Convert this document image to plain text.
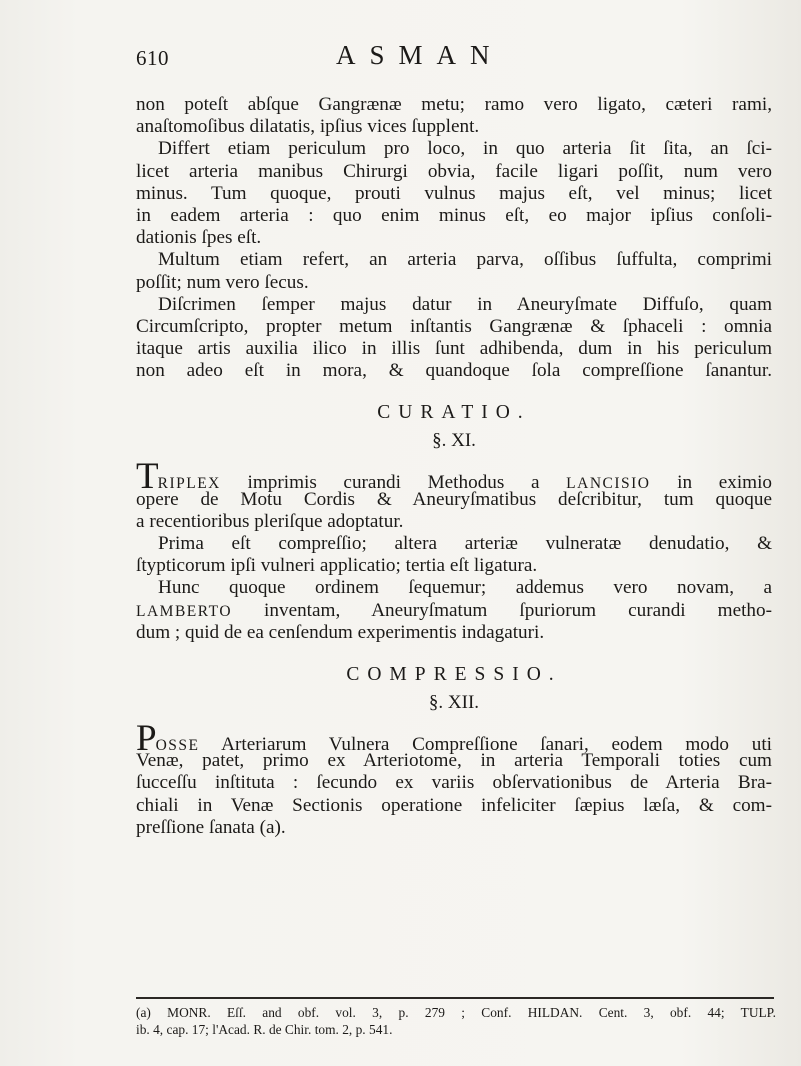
610	ASMAN
non poteſt abſque Gangrænæ metu; ramo vero ligato, cæteri rami,
anaſtomoſibus dilatatis, ipſius vices ſupplent.
Differt etiam periculum pro loco, in quo arteria ſit ſita, an ſci-
licet arteria manibus Chirurgi obvia, facile ligari poſſit, num vero
minus. Tum quoque, prouti vulnus majus eſt, vel minus; licet
in eadem arteria : quo enim minus eſt, eo major ipſius conſoli-
dationis ſpes eſt.
Multum etiam refert, an arteria parva, oſſibus ſuffulta, comprimi
poſſit; num vero ſecus.
Diſcrimen ſemper majus datur in Aneuryſmate Diffuſo, quam
Circumſcripto, propter metum inſtantis Gangrænæ & ſphaceli : omnia
itaque artis auxilia ilico in illis ſunt adhibenda, dum in his periculum
non adeo eſt in mora, & quandoque ſola compreſſione ſanantur.
CURATIO.
§. XI.
TRIPLEX imprimis curandi Methodus a LANCISIO in eximio
opere de Motu Cordis & Aneuryſmatibus deſcribitur, tum quoque
a recentioribus pleriſque adoptatur.
Prima eſt compreſſio; altera arteriæ vulneratæ denudatio, &
ſtypticorum ipſi vulneri applicatio; tertia eſt ligatura.
Hunc quoque ordinem ſequemur; addemus vero novam, a
LAMBERTO inventam, Aneuryſmatum ſpuriorum curandi metho-
dum ; quid de ea cenſendum experimentis indagaturi.
COMPRESSIO.
§. XII.
POSSE Arteriarum Vulnera Compreſſione ſanari, eodem modo uti
Venæ, patet, primo ex Arteriotome, in arteria Temporali toties cum
ſucceſſu inſtituta : ſecundo ex variis obſervationibus de Arteria Bra-
chiali in Venæ Sectionis operatione infeliciter ſæpius læſa, & com-
preſſione ſanata (a).
(a) MONR. Eſſ. and obf. vol. 3, p. 279 ; Conf. HILDAN. Cent. 3, obf. 44; TULP.
ib. 4, cap. 17; l'Acad. R. de Chir. tom. 2, p. 541.
